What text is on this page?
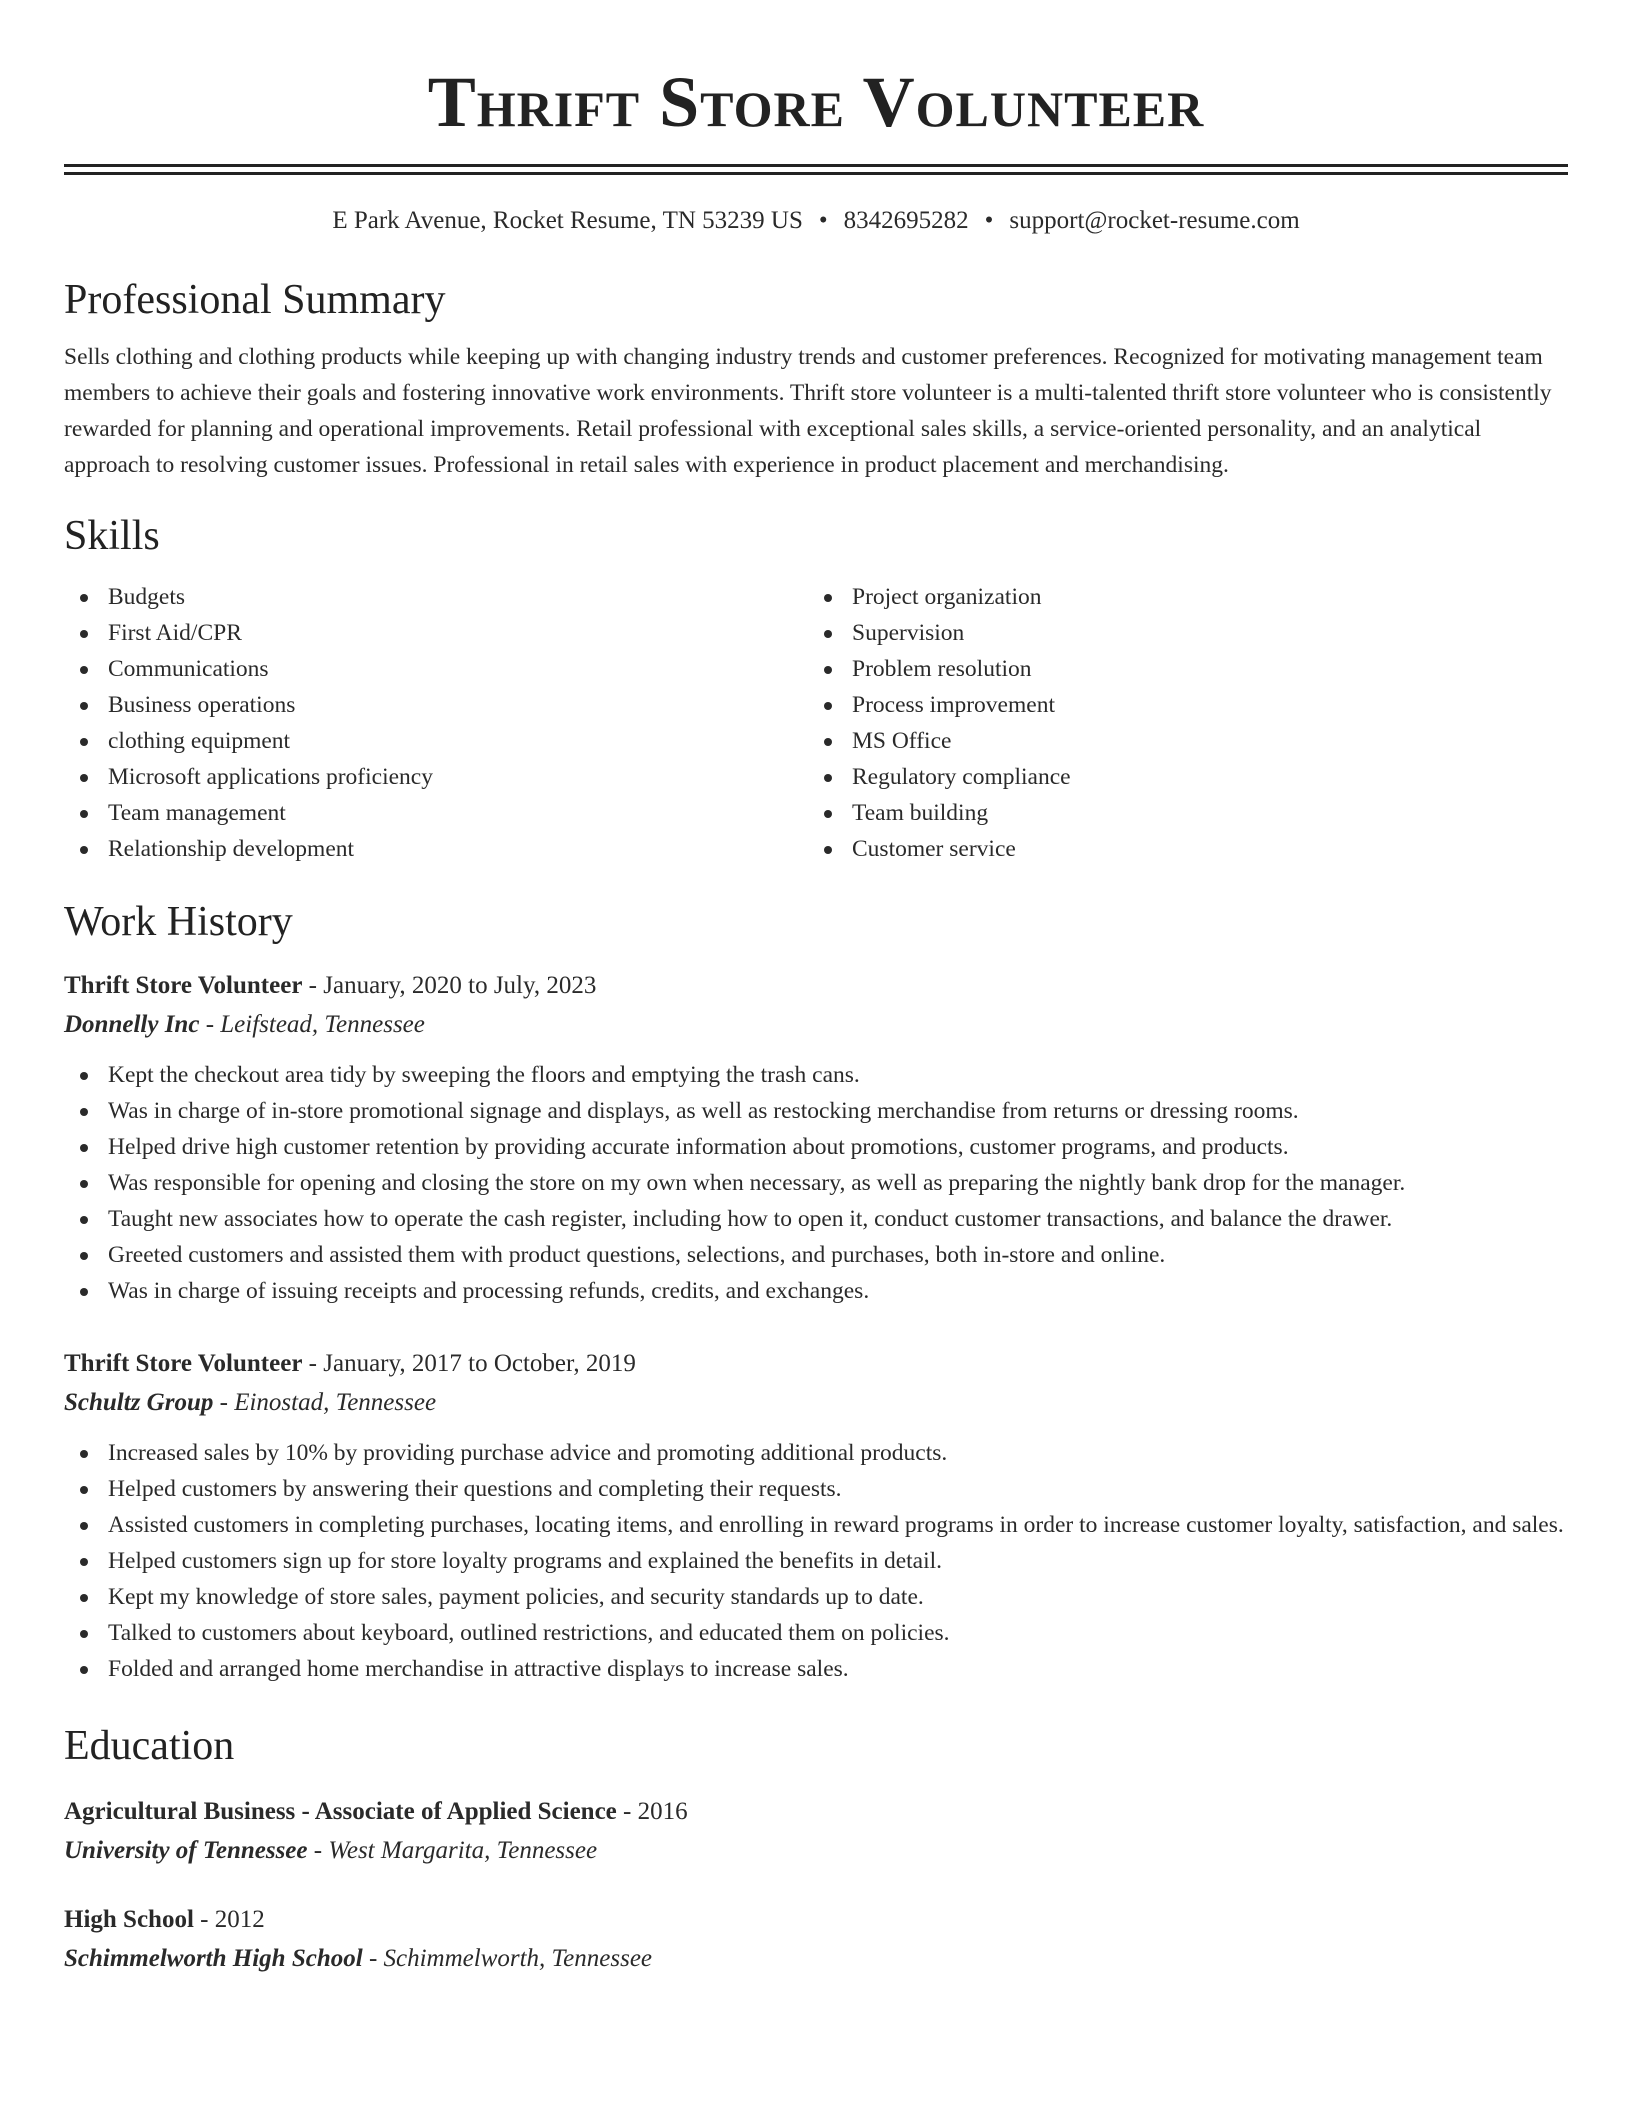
Thrift Store Volunteer
E Park Avenue, Rocket Resume, TN 53239 US • 8342695282 • support@rocket-resume.com
Professional Summary

Sells clothing and clothing products while keeping up with changing industry trends and customer preferences. Recognized for motivating management team members to achieve their goals and fostering innovative work environments. Thrift store volunteer is a multi-talented thrift store volunteer who is consistently rewarded for planning and operational improvements. Retail professional with exceptional sales skills, a service-oriented personality, and an analytical approach to resolving customer issues. Professional in retail sales with experience in product placement and merchandising.

Skills
Budgets
First Aid/CPR
Communications
Business operations
clothing equipment
Microsoft applications proficiency
Team management
Relationship development
Project organization
Supervision
Problem resolution
Process improvement
MS Office
Regulatory compliance
Team building
Customer service
Work History
Thrift Store Volunteer - January, 2020 to July, 2023
Donnelly Inc - Leifstead, Tennessee
Kept the checkout area tidy by sweeping the floors and emptying the trash cans.
Was in charge of in-store promotional signage and displays, as well as restocking merchandise from returns or dressing rooms.
Helped drive high customer retention by providing accurate information about promotions, customer programs, and products.
Was responsible for opening and closing the store on my own when necessary, as well as preparing the nightly bank drop for the manager.
Taught new associates how to operate the cash register, including how to open it, conduct customer transactions, and balance the drawer.
Greeted customers and assisted them with product questions, selections, and purchases, both in-store and online.
Was in charge of issuing receipts and processing refunds, credits, and exchanges.
Thrift Store Volunteer - January, 2017 to October, 2019
Schultz Group - Einostad, Tennessee
Increased sales by 10% by providing purchase advice and promoting additional products.
Helped customers by answering their questions and completing their requests.
Assisted customers in completing purchases, locating items, and enrolling in reward programs in order to increase customer loyalty, satisfaction, and sales.
Helped customers sign up for store loyalty programs and explained the benefits in detail.
Kept my knowledge of store sales, payment policies, and security standards up to date.
Talked to customers about keyboard, outlined restrictions, and educated them on policies.
Folded and arranged home merchandise in attractive displays to increase sales.
Education
Agricultural Business - Associate of Applied Science - 2016
University of Tennessee - West Margarita, Tennessee
High School - 2012
Schimmelworth High School - Schimmelworth, Tennessee
